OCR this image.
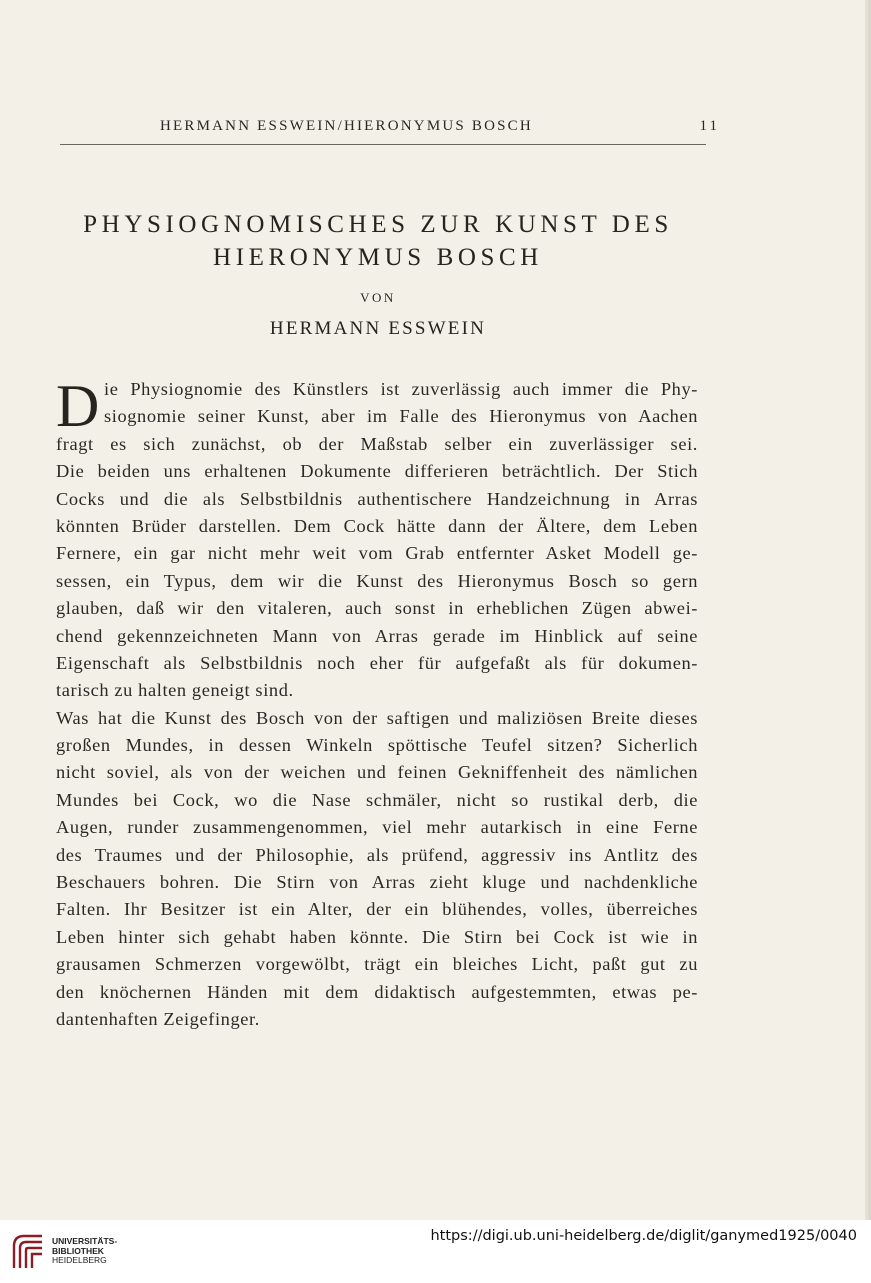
HERMANN ESSWEIN/HIERONYMUS BOSCH	11
PHYSIOGNOMISCHES ZUR KUNST DES
HIERONYMUS BOSCH
VON
HERMANN ESSWEIN
D ie Physiognomie des Künstlers ist zuverlässig auch immer die Phy-
siognomie seiner Kunst, aber im Falle des Hieronymus von Aachen
fragt es sich zunächst, ob der Maßstab selber ein zuverlässiger sei.
Die beiden uns erhaltenen Dokumente differieren beträchtlich. Der Stich
Cocks und die als Selbstbildnis authentischere Handzeichnung in Arras
könnten Brüder darstellen. Dem Cock hätte dann der Ältere, dem Leben
Fernere, ein gar nicht mehr weit vom Grab entfernter Asket Modell ge-
sessen, ein Typus, dem wir die Kunst des Hieronymus Bosch so gern
glauben, daß wir den vitaleren, auch sonst in erheblichen Zügen abwei-
chend gekennzeichneten Mann von Arras gerade im Hinblick auf seine
Eigenschaft als Selbstbildnis noch eher für aufgefaßt als für dokumen-
tarisch zu halten geneigt sind.
Was hat die Kunst des Bosch von der saftigen und maliziösen Breite dieses
großen Mundes, in dessen Winkeln spöttische Teufel sitzen? Sicherlich
nicht soviel, als von der weichen und feinen Gekniffenheit des nämlichen
Mundes bei Cock, wo die Nase schmäler, nicht so rustikal derb, die
Augen, runder zusammengenommen, viel mehr autarkisch in eine Ferne
des Traumes und der Philosophie, als prüfend, aggressiv ins Antlitz des
Beschauers bohren. Die Stirn von Arras zieht kluge und nachdenkliche
Falten. Ihr Besitzer ist ein Alter, der ein blühendes, volles, überreiches
Leben hinter sich gehabt haben könnte. Die Stirn bei Cock ist wie in
grausamen Schmerzen vorgewölbt, trägt ein bleiches Licht, paßt gut zu
den knöchernen Händen mit dem didaktisch aufgestemmten, etwas pe-
dantenhaften Zeigefinger.
UNIVERSITÄTS-
BIBLIOTHEK
HEIDELBERG
https://digi.ub.uni-heidelberg.de/diglit/ganymed1925/0040
